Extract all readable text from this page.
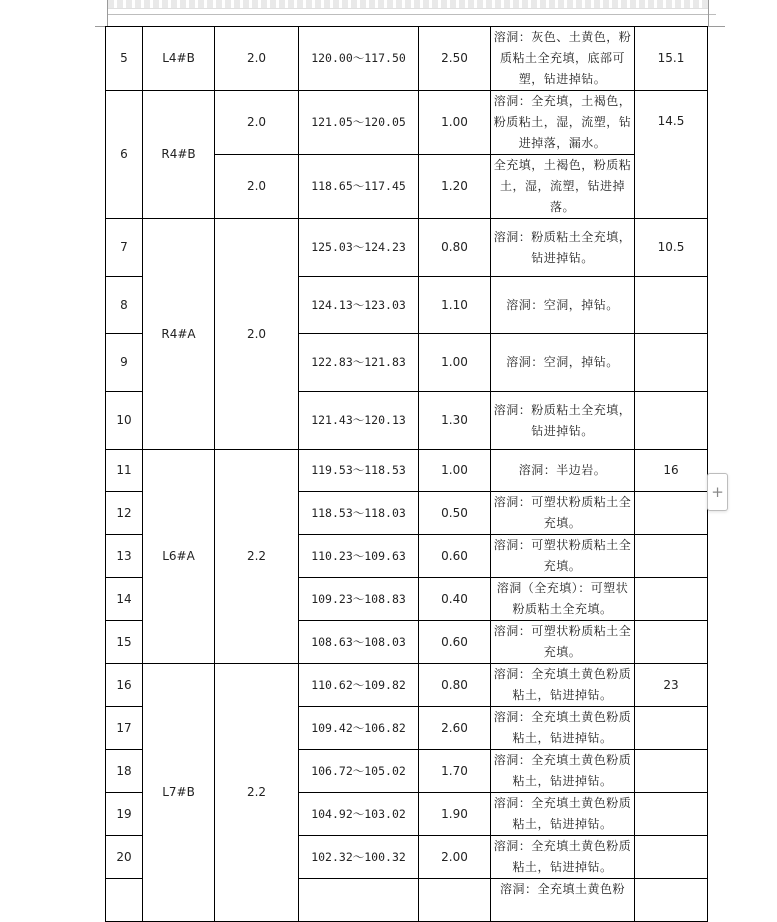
5	L4#B	2.0	120.00～117.50	2.50	溶洞：灰色、土黄色，粉质粘土全充填，底部可塑，钻进掉钻。	15.1
6	R4#B	2.0	121.05～120.05	1.00	溶洞：全充填，土褐色，粉质粘土，湿，流塑，钻进掉落，漏水。	14.5
		2.0	118.65～117.45	1.20	全充填，土褐色，粉质粘土，湿，流塑，钻进掉落。	
7	R4#A	2.0	125.03～124.23	0.80	溶洞：粉质粘土全充填，钻进掉钻。	10.5
8			124.13～123.03	1.10	溶洞：空洞，掉钻。	
9			122.83～121.83	1.00	溶洞：空洞，掉钻。	
10			121.43～120.13	1.30	溶洞：粉质粘土全充填，钻进掉钻。	
11	L6#A	2.2	119.53～118.53	1.00	溶洞：半边岩。	16
12			118.53～118.03	0.50	溶洞：可塑状粉质粘土全充填。	
13			110.23～109.63	0.60	溶洞：可塑状粉质粘土全充填。	
14			109.23～108.83	0.40	溶洞（全充填）：可塑状粉质粘土全充填。	
15			108.63～108.03	0.60	溶洞：可塑状粉质粘土全充填。	
16	L7#B	2.2	110.62～109.82	0.80	溶洞：全充填土黄色粉质粘土，钻进掉钻。	23
17			109.42～106.82	2.60	溶洞：全充填土黄色粉质粘土，钻进掉钻。	
18			106.72～105.02	1.70	溶洞：全充填土黄色粉质粘土，钻进掉钻。	
19			104.92～103.02	1.90	溶洞：全充填土黄色粉质粘土，钻进掉钻。	
20			102.32～100.32	2.00	溶洞：全充填土黄色粉质粘土，钻进掉钻。	
					溶洞：全充填土黄色粉	
+
